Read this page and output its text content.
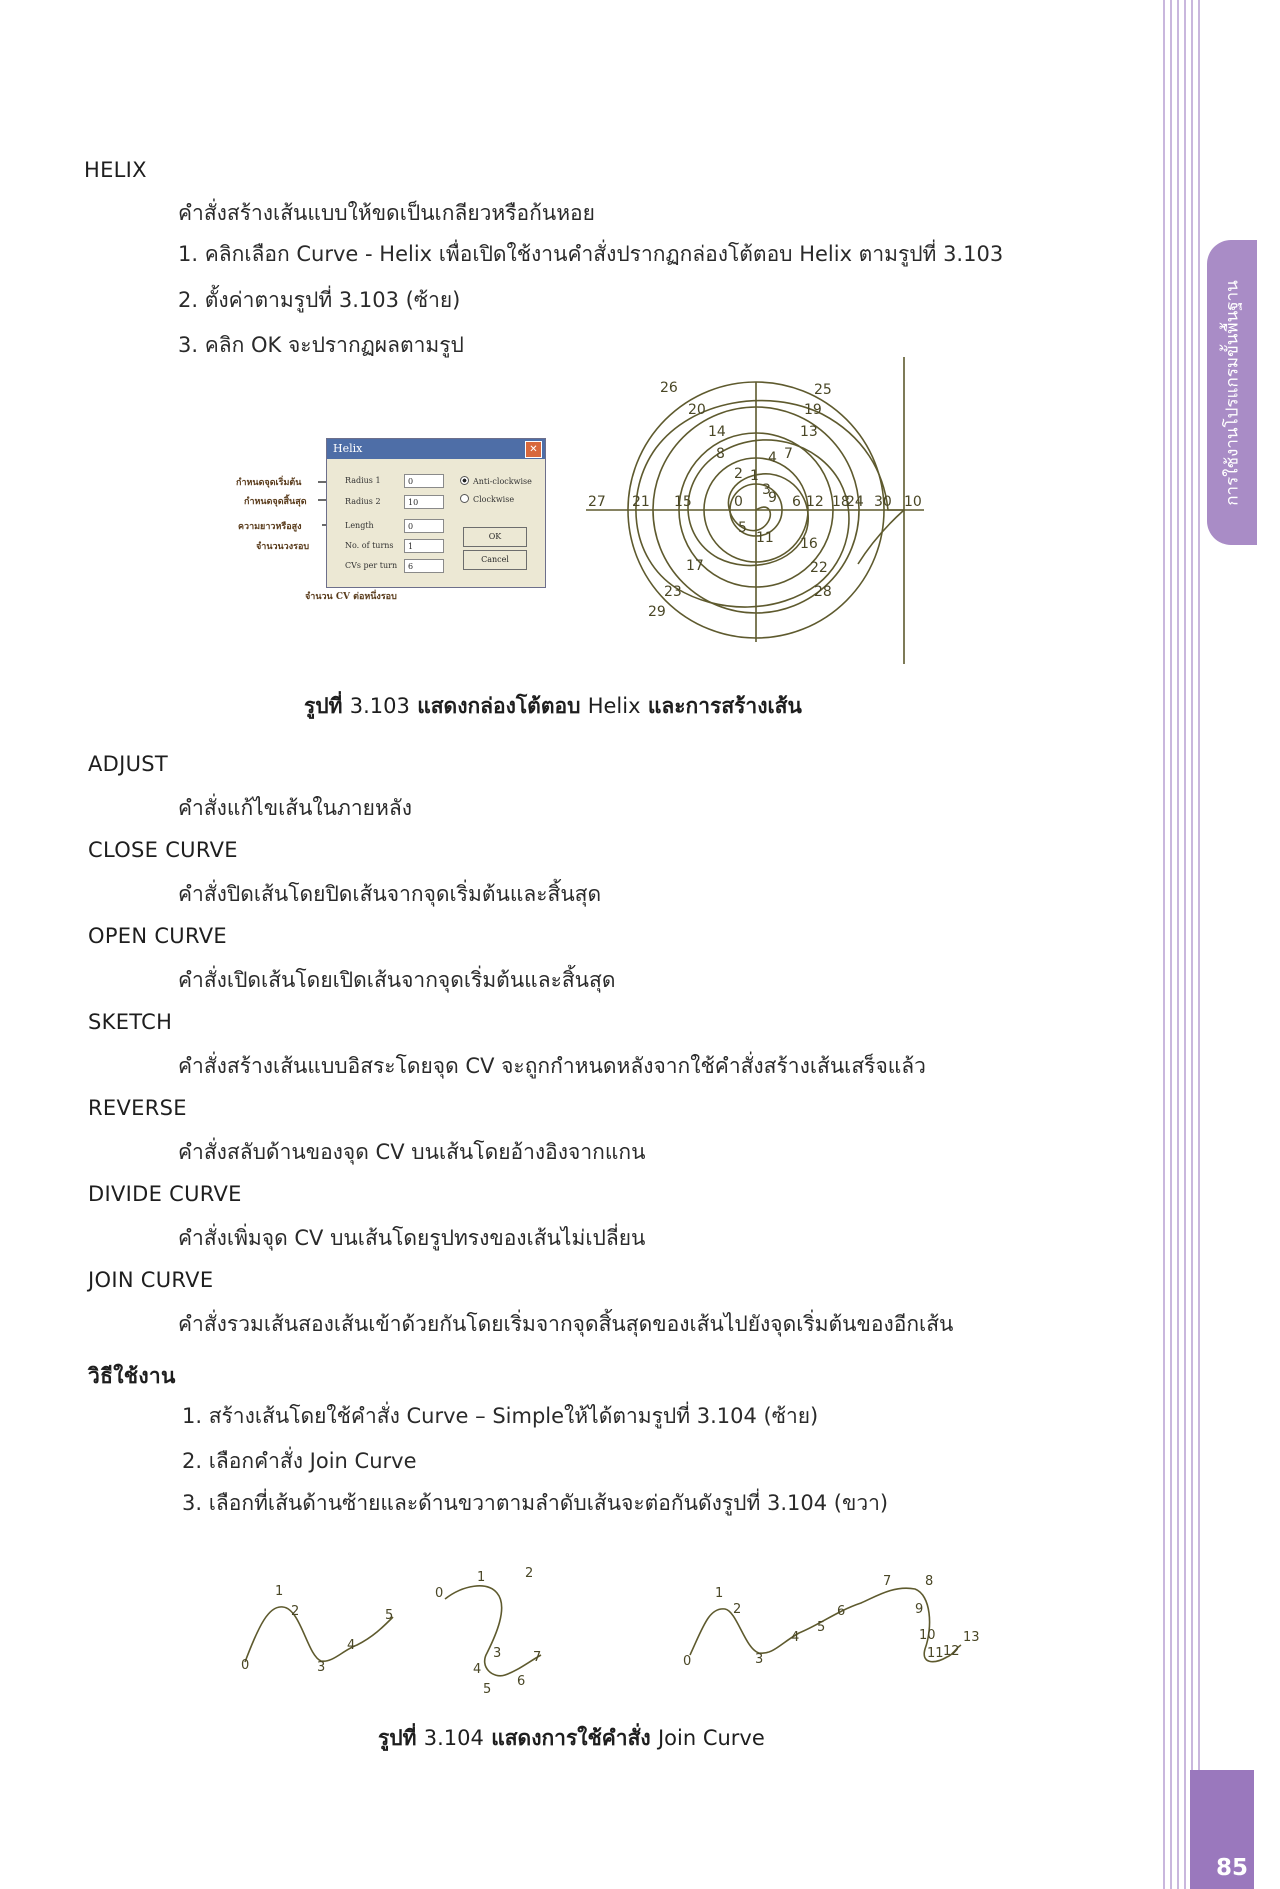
การใช้งานโปรแกรมขั้นพื้นฐาน
85
HELIX
คำสั่งสร้างเส้นแบบให้ขดเป็นเกลียวหรือก้นหอย
1. คลิกเลือก Curve - Helix เพื่อเปิดใช้งานคำสั่งปรากฏกล่องโต้ตอบ Helix ตามรูปที่ 3.103
2. ตั้งค่าตามรูปที่ 3.103 (ซ้าย)
3. คลิก OK จะปรากฏผลตามรูป
กำหนดจุดเริ่มต้น
กำหนดจุดสิ้นสุด
ความยาวหรือสูง
จำนวนวงรอบ
จำนวน CV ต่อหนึ่งรอบ
Helix	✕
Radius 1	0
Radius 2	10
Length	0
No. of turns	1
CVs per turn	6
Anti-clockwise
Clockwise
OK
Cancel
26	25
20	19
14	13
8	7
2 1
3
9
4
27 21 15	0	6 12 18
24 30 10
5
11 16
17	22
23	28
29
รูปที่ 3.103 แสดงกล่องโต้ตอบ Helix และการสร้างเส้น
ADJUST
คำสั่งแก้ไขเส้นในภายหลัง
CLOSE CURVE
คำสั่งปิดเส้นโดยปิดเส้นจากจุดเริ่มต้นและสิ้นสุด
OPEN CURVE
คำสั่งเปิดเส้นโดยเปิดเส้นจากจุดเริ่มต้นและสิ้นสุด
SKETCH
คำสั่งสร้างเส้นแบบอิสระโดยจุด CV จะถูกกำหนดหลังจากใช้คำสั่งสร้างเส้นเสร็จแล้ว
REVERSE
คำสั่งสลับด้านของจุด CV บนเส้นโดยอ้างอิงจากแกน
DIVIDE CURVE
คำสั่งเพิ่มจุด CV บนเส้นโดยรูปทรงของเส้นไม่เปลี่ยน
JOIN CURVE
คำสั่งรวมเส้นสองเส้นเข้าด้วยกันโดยเริ่มจากจุดสิ้นสุดของเส้นไปยังจุดเริ่มต้นของอีกเส้น
วิธีใช้งาน
1. สร้างเส้นโดยใช้คำสั่ง Curve – Simpleให้ได้ตามรูปที่ 3.104 (ซ้าย)
2. เลือกคำสั่ง Join Curve
3. เลือกที่เส้นด้านซ้ายและด้านขวาตามลำดับเส้นจะต่อกันดังรูปที่ 3.104 (ขวา)
0
1
2
3
4
5
0
1	2
3
4
5
6
7	0
1
2
3
4
5
6
7	8
9
10
11 12
13
รูปที่ 3.104 แสดงการใช้คำสั่ง Join Curve
